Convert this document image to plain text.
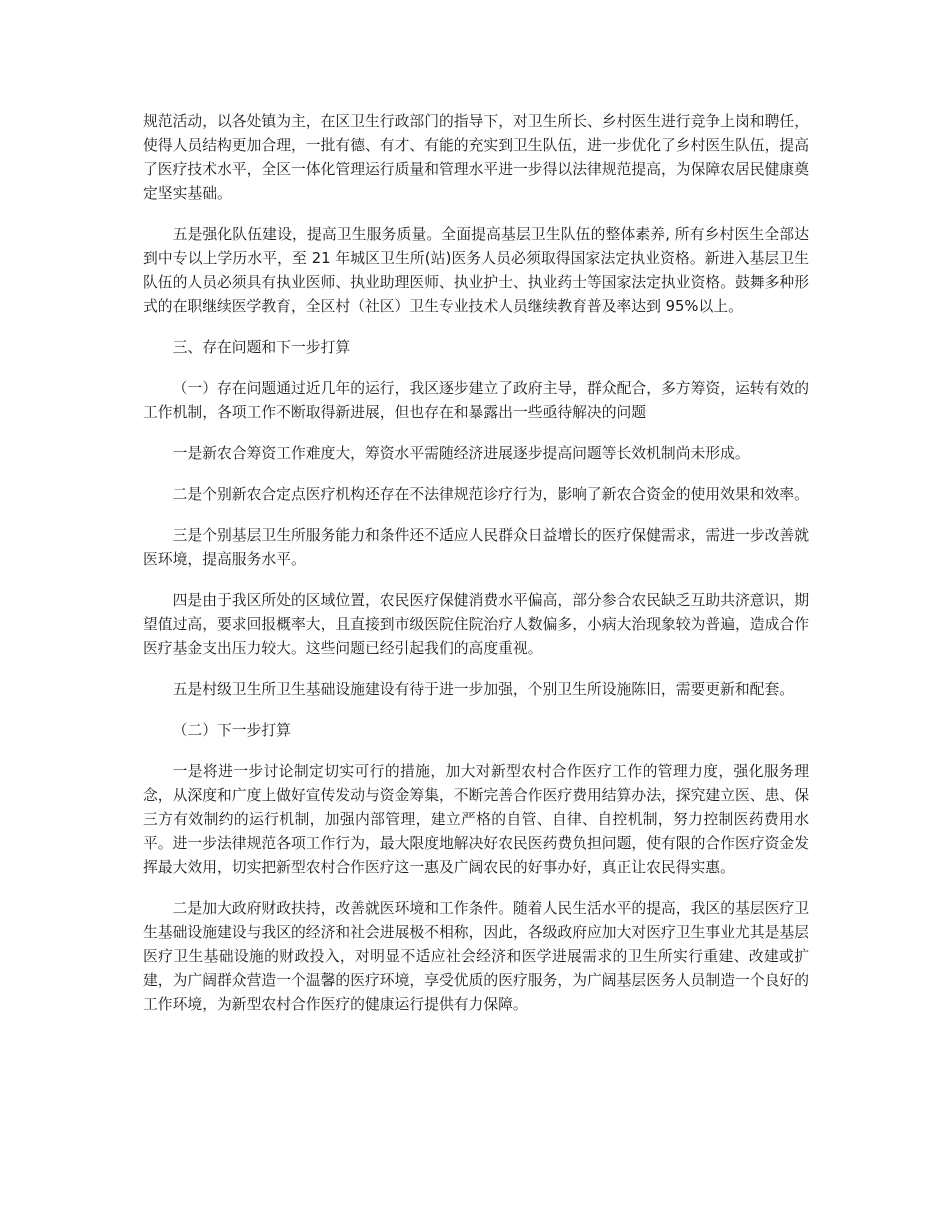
规范活动，以各处镇为主，在区卫生行政部门的指导下，对卫生所长、乡村医生进行竞争上岗和聘任，使得人员结构更加合理，一批有德、有才、有能的充实到卫生队伍，进一步优化了乡村医生队伍，提高了医疗技术水平，全区一体化管理运行质量和管理水平进一步得以法律规范提高，为保障农居民健康奠定坚实基础。

五是强化队伍建设，提高卫生服务质量。全面提高基层卫生队伍的整体素养, 所有乡村医生全部达到中专以上学历水平，至 21 年城区卫生所(站)医务人员必须取得国家法定执业资格。新进入基层卫生队伍的人员必须具有执业医师、执业助理医师、执业护士、执业药士等国家法定执业资格。鼓舞多种形式的在职继续医学教育，全区村（社区）卫生专业技术人员继续教育普及率达到 95%以上。

三、存在问题和下一步打算

（一）存在问题通过近几年的运行，我区逐步建立了政府主导，群众配合，多方筹资，运转有效的工作机制，各项工作不断取得新进展，但也存在和暴露出一些亟待解决的问题

一是新农合筹资工作难度大，筹资水平需随经济进展逐步提高问题等长效机制尚未形成。

二是个别新农合定点医疗机构还存在不法律规范诊疗行为，影响了新农合资金的使用效果和效率。

三是个别基层卫生所服务能力和条件还不适应人民群众日益增长的医疗保健需求，需进一步改善就医环境，提高服务水平。

四是由于我区所处的区域位置，农民医疗保健消费水平偏高，部分参合农民缺乏互助共济意识，期望值过高，要求回报概率大，且直接到市级医院住院治疗人数偏多，小病大治现象较为普遍，造成合作医疗基金支出压力较大。这些问题已经引起我们的高度重视。

五是村级卫生所卫生基础设施建设有待于进一步加强，个别卫生所设施陈旧，需要更新和配套。

（二）下一步打算

一是将进一步讨论制定切实可行的措施，加大对新型农村合作医疗工作的管理力度，强化服务理念，从深度和广度上做好宣传发动与资金筹集，不断完善合作医疗费用结算办法，探究建立医、患、保三方有效制约的运行机制，加强内部管理，建立严格的自管、自律、自控机制，努力控制医药费用水平。进一步法律规范各项工作行为，最大限度地解决好农民医药费负担问题，使有限的合作医疗资金发挥最大效用，切实把新型农村合作医疗这一惠及广阔农民的好事办好，真正让农民得实惠。

二是加大政府财政扶持，改善就医环境和工作条件。随着人民生活水平的提高，我区的基层医疗卫生基础设施建设与我区的经济和社会进展极不相称，因此，各级政府应加大对医疗卫生事业尤其是基层医疗卫生基础设施的财政投入，对明显不适应社会经济和医学进展需求的卫生所实行重建、改建或扩建，为广阔群众营造一个温馨的医疗环境，享受优质的医疗服务，为广阔基层医务人员制造一个良好的工作环境，为新型农村合作医疗的健康运行提供有力保障。
